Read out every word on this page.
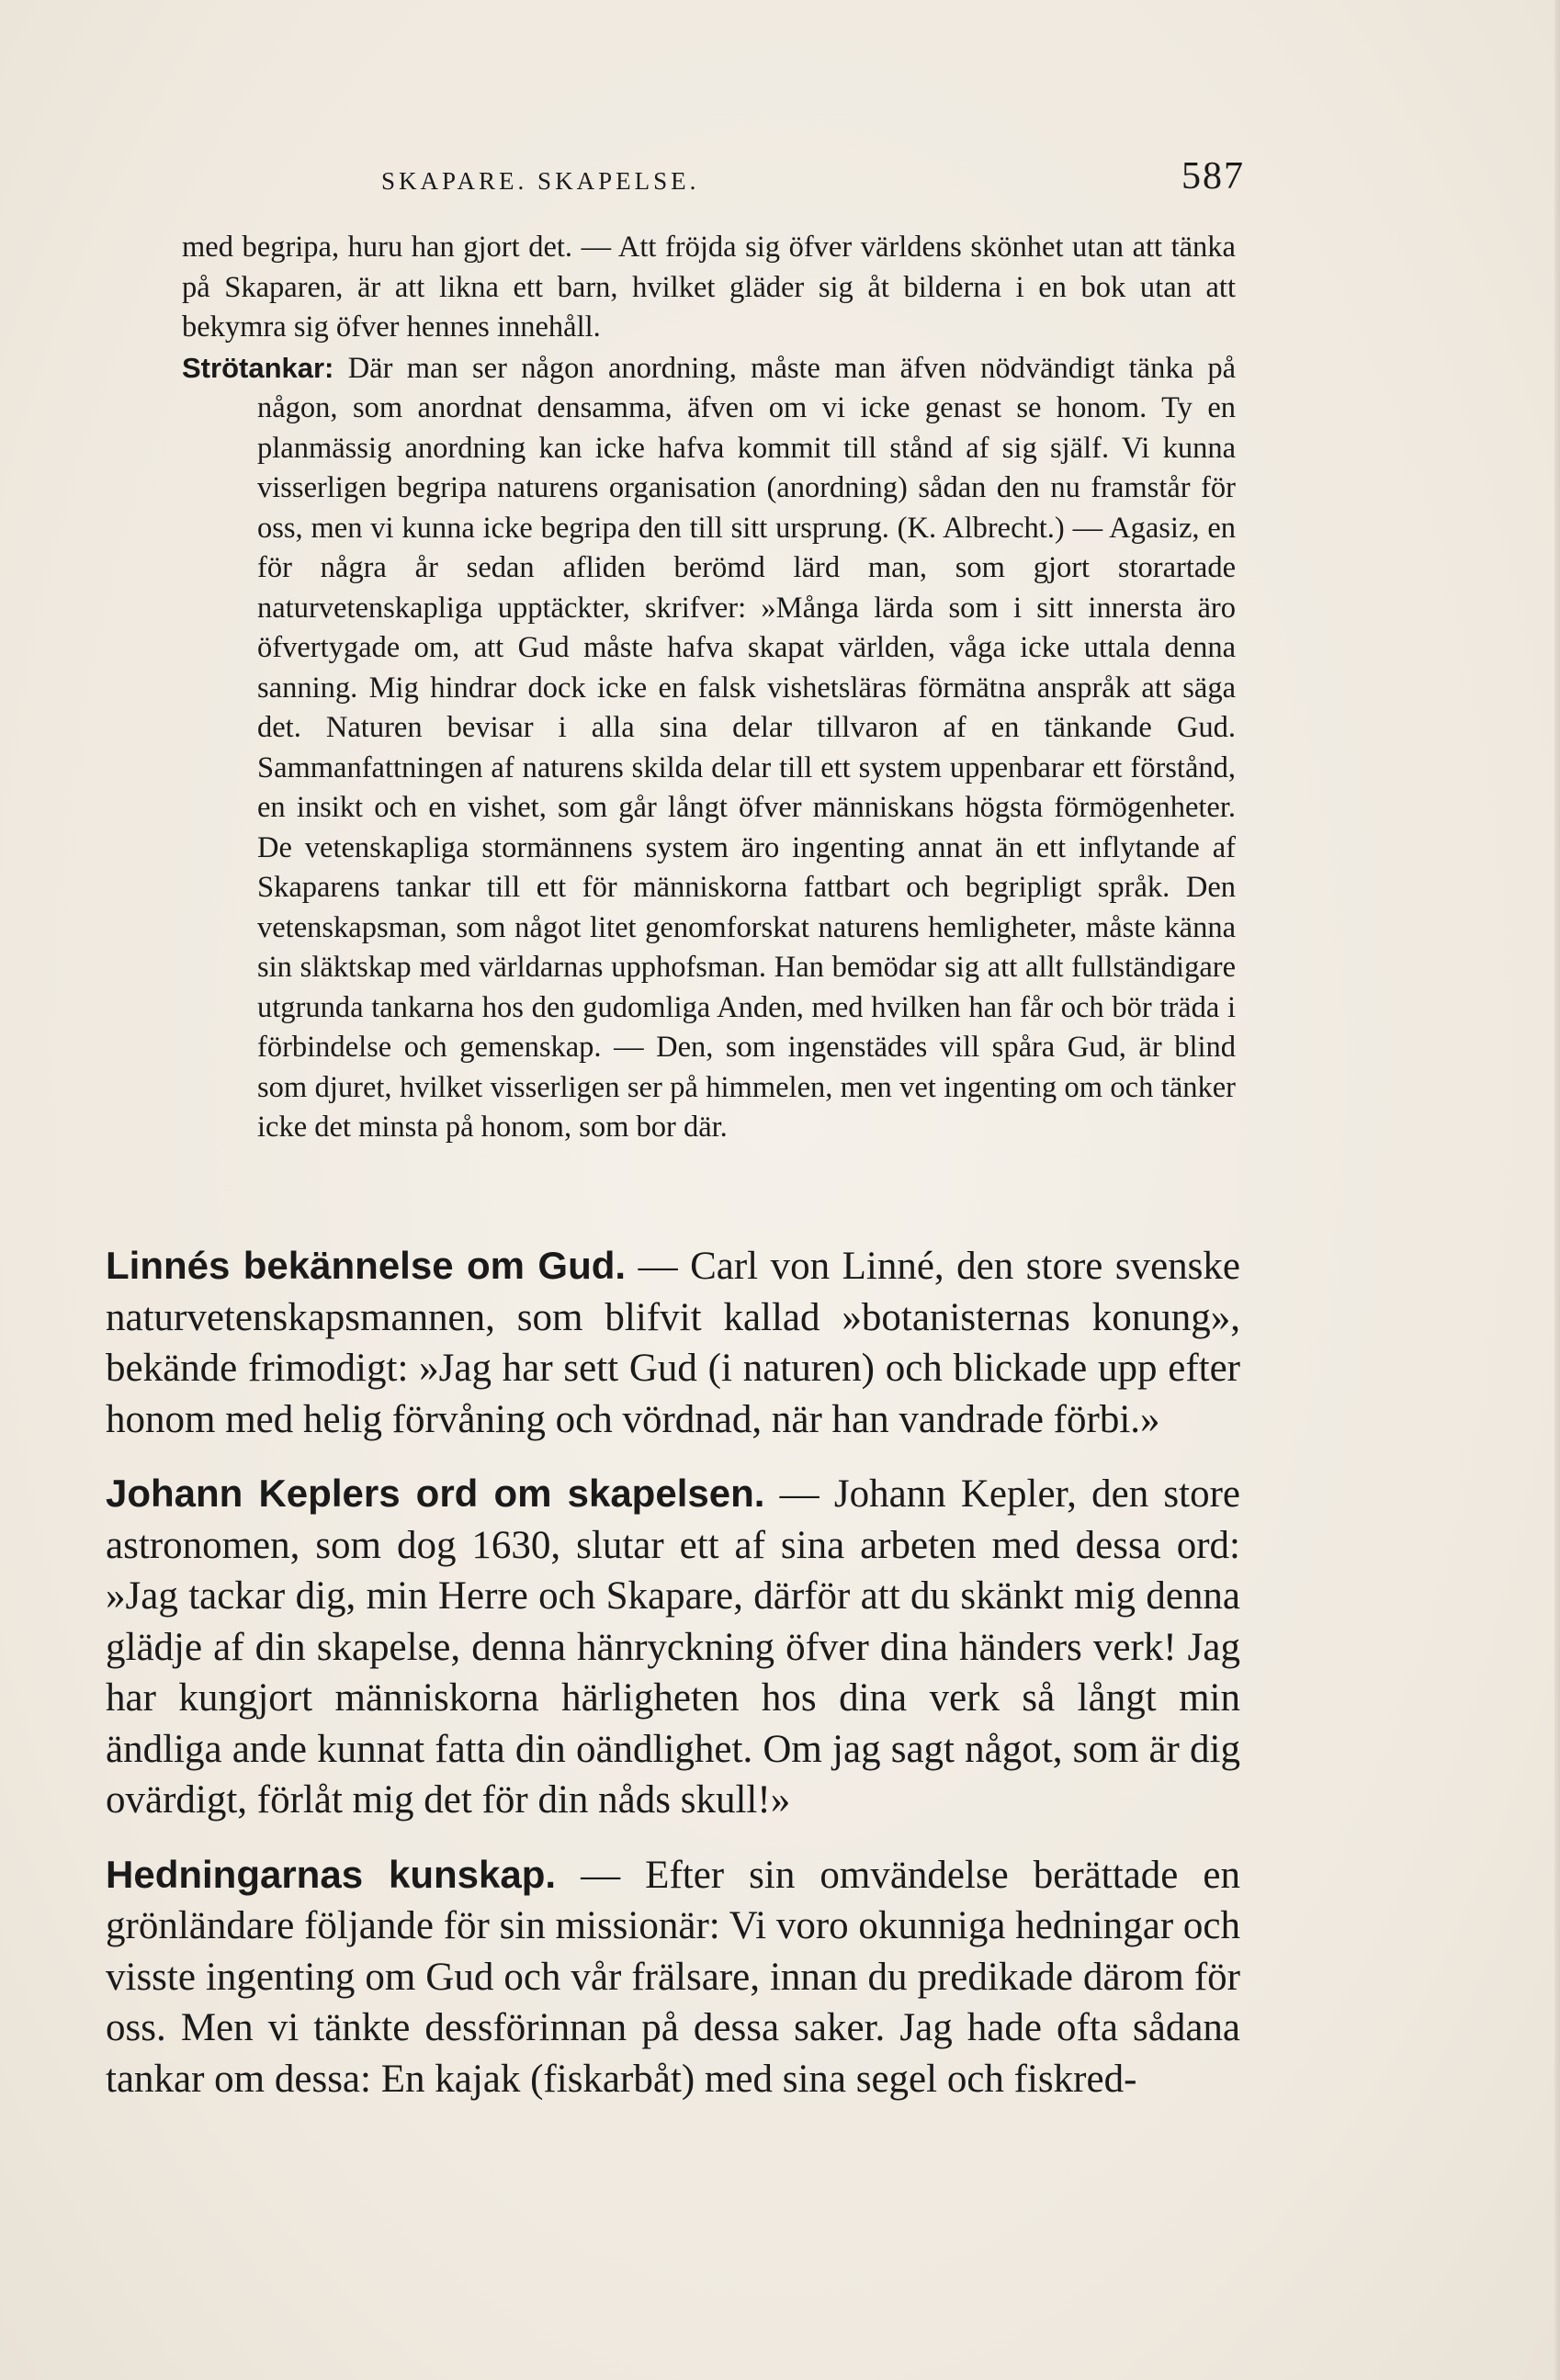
SKAPARE. SKAPELSE.	587

med begripa, huru han gjort det. — Att fröjda sig öfver världens skönhet utan att tänka på Skaparen, är att likna ett barn, hvilket gläder sig åt bilderna i en bok utan att bekymra sig öfver hennes innehåll.

Strötankar: Där man ser någon anordning, måste man äfven nödvändigt tänka på någon, som anordnat densamma, äfven om vi icke genast se honom. Ty en planmässig anordning kan icke hafva kommit till stånd af sig själf. Vi kunna visserligen begripa naturens organisation (anordning) sådan den nu framstår för oss, men vi kunna icke begripa den till sitt ursprung. (K. Albrecht.) — Agasiz, en för några år sedan afliden berömd lärd man, som gjort storartade naturvetenskapliga upptäckter, skrifver: »Många lärda som i sitt innersta äro öfvertygade om, att Gud måste hafva skapat världen, våga icke uttala denna sanning. Mig hindrar dock icke en falsk vishetsläras förmätna anspråk att säga det. Naturen bevisar i alla sina delar tillvaron af en tänkande Gud. Sammanfattningen af naturens skilda delar till ett system uppenbarar ett förstånd, en insikt och en vishet, som går långt öfver människans högsta förmögenheter. De vetenskapliga stormännens system äro ingenting annat än ett inflytande af Skaparens tankar till ett för människorna fattbart och begripligt språk. Den vetenskapsman, som något litet genomforskat naturens hemligheter, måste känna sin släktskap med världarnas upphofsman. Han bemödar sig att allt fullständigare utgrunda tankarna hos den gudomliga Anden, med hvilken han får och bör träda i förbindelse och gemenskap. — Den, som ingenstädes vill spåra Gud, är blind som djuret, hvilket visserligen ser på himmelen, men vet ingenting om och tänker icke det minsta på honom, som bor där.

Linnés bekännelse om Gud. — Carl von Linné, den store svenske naturvetenskapsmannen, som blifvit kallad »botanisternas konung», bekände frimodigt: »Jag har sett Gud (i naturen) och blickade upp efter honom med helig förvåning och vördnad, när han vandrade förbi.»

Johann Keplers ord om skapelsen. — Johann Kepler, den store astronomen, som dog 1630, slutar ett af sina arbeten med dessa ord: »Jag tackar dig, min Herre och Skapare, därför att du skänkt mig denna glädje af din skapelse, denna hänryckning öfver dina händers verk! Jag har kungjort människorna härligheten hos dina verk så långt min ändliga ande kunnat fatta din oändlighet. Om jag sagt något, som är dig ovärdigt, förlåt mig det för din nåds skull!»

Hedningarnas kunskap. — Efter sin omvändelse berättade en grönländare följande för sin missionär: Vi voro okunniga hedningar och visste ingenting om Gud och vår frälsare, innan du predikade därom för oss. Men vi tänkte dessförinnan på dessa saker. Jag hade ofta sådana tankar om dessa: En kajak (fiskarbåt) med sina segel och fiskred-
